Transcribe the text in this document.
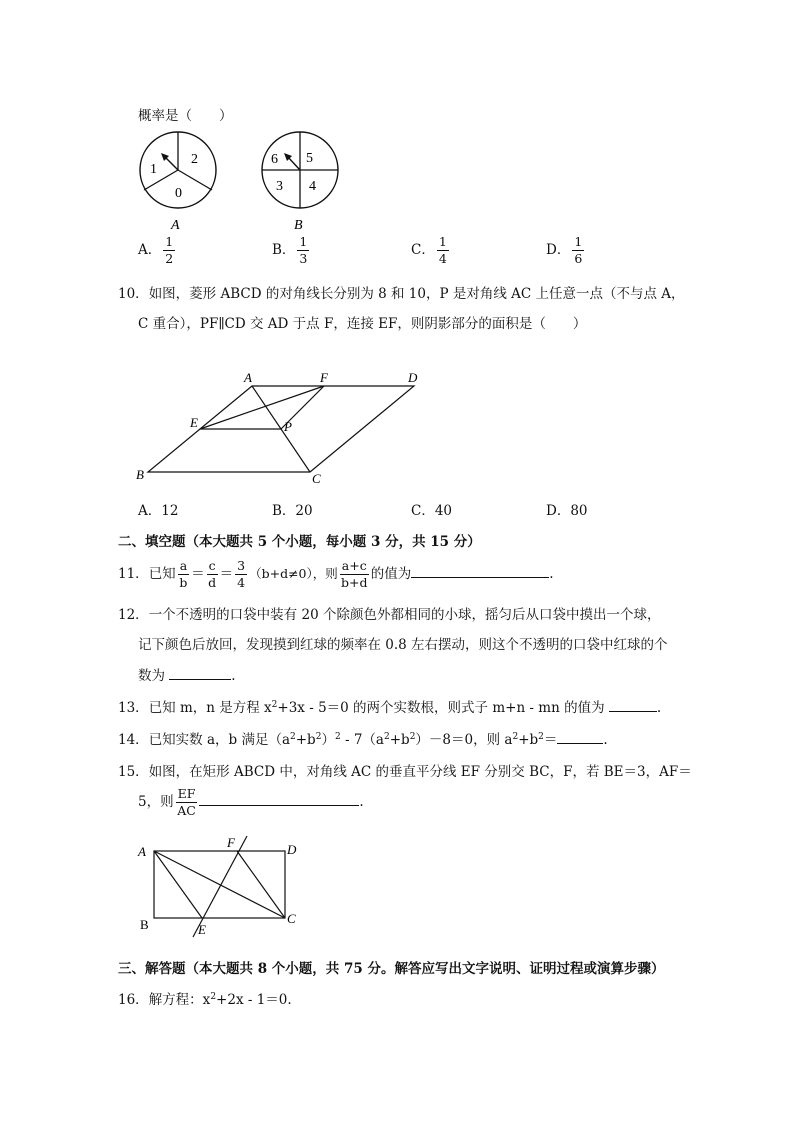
概率是（　　）
1
2
0
A
6 5
3 4
B
A． $\frac{1}{2}$	B． $\frac{1}{3}$	C． $\frac{1}{4}$	D． $\frac{1}{6}$
10．如图，菱形 ABCD 的对角线长分别为 8 和 10，P 是对角线 AC 上任意一点（不与点 A，
C 重合），PF∥CD 交 AD 于点 F，连接 EF，则阴影部分的面积是（　　）
A	F	D
E	P
B	C
A．12	B．20	C．40	D．80
二、填空题（本大题共 5 个小题，每小题 3 分，共 15 分）
11．已知 $\frac{a}{b} = \frac{c}{d} = \frac{3}{4} (b+d\ne 0)$，则 $\frac{a+c}{b+d}$ 的值为	.
12．一个不透明的口袋中装有 20 个除颜色外都相同的小球，摇匀后从口袋中摸出一个球，
记下颜色后放回，发现摸到红球的频率在 0.8 左右摆动，则这个不透明的口袋中红球的个
数为	.
13．已知 m，n 是方程 $x^2+3x - 5=0$ 的两个实数根，则式子 m+n - mn 的值为	.
14．已知实数 a，b 满足$(a^2+b^2)^2 - 7(a^2+b^2)-8=0$，则 $a^2+b^2=$	.
15．如图，在矩形 ABCD 中，对角线 AC 的垂直平分线 EF 分别交 BC，F，若 BE＝3，AF＝
5，则 $\frac{EF}{AC}$	.
A
F	D
B	E
C
三、解答题（本大题共 8 个小题，共 75 分。解答应写出文字说明、证明过程或演算步骤）
16．解方程：$x^2+2x - 1=0$.
